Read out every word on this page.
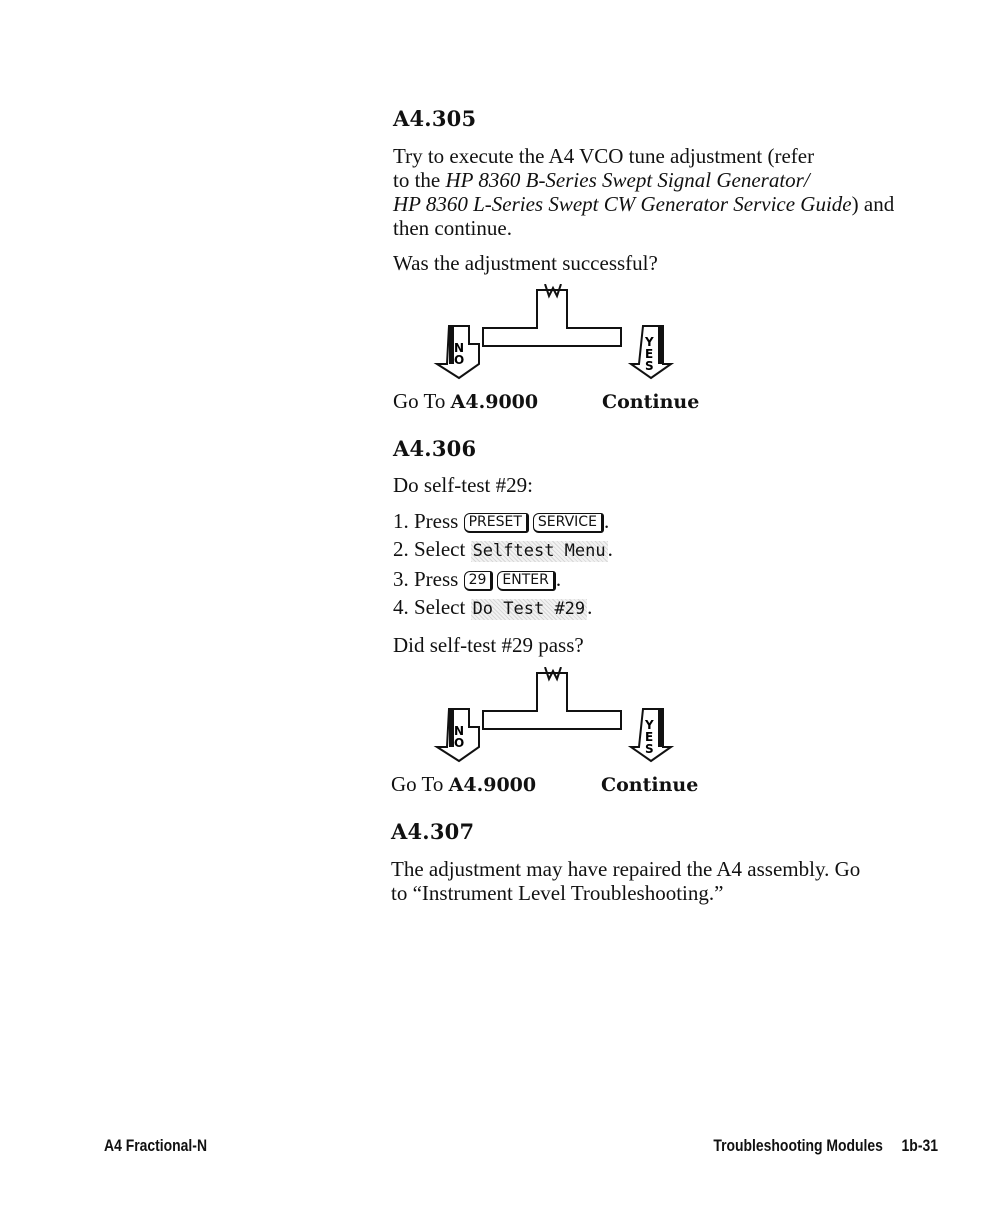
A4.305
Try to execute the A4 VCO tune adjustment (refer
to the HP 8360 B-Series Swept Signal Generator/
HP 8360 L-Series Swept CW Generator Service Guide) and
then continue.
Was the adjustment successful?
N
O
Y
E
S
Go To A4.9000	Continue
A4.306
Do self-test #29:
1. Press PRESET SERVICE .
2. Select Selftest Menu.
3. Press 29 ENTER .
4. Select Do Test #29.
Did self-test #29 pass?
N
O
Y
E
S
Go To A4.9000	Continue
A4.307
The adjustment may have repaired the A4 assembly. Go
to “Instrument Level Troubleshooting.”
A4 Fractional-N	Troubleshooting Modules 1b-31
